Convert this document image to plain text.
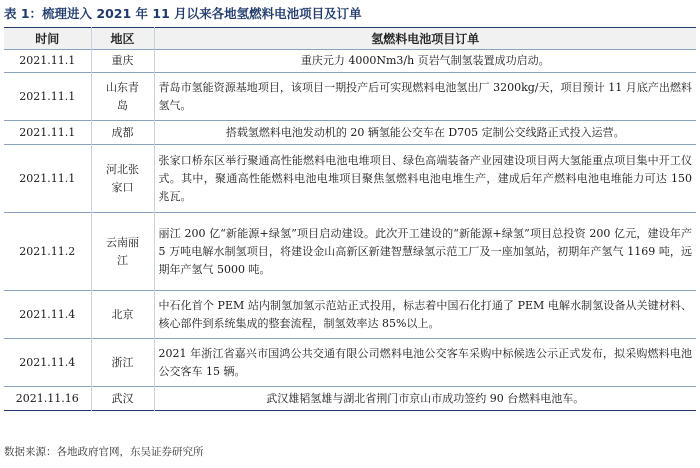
表 1：梳理进入 2021 年 11 月以来各地氢燃料电池项目及订单
时间	地区	氢燃料电池项目订单
2021.11.1	重庆	重庆元力 4000Nm3/h 页岩气制氢装置成功启动。
2021.11.1	山东青岛	青岛市氢能资源基地项目，该项目一期投产后可实现燃料电池氢出厂 3200kg/天，项目预计 11 月底产出燃料氢气。
2021.11.1	成都	搭载氢燃料电池发动机的 20 辆氢能公交车在 D705 定制公交线路正式投入运营。
2021.11.1	河北张家口	张家口桥东区举行聚通高性能燃料电池电堆项目、绿色高端装备产业园建设项目两大氢能重点项目集中开工仪式。其中，聚通高性能燃料电池电堆项目聚焦氢燃料电池电堆生产，建成后年产燃料电池电堆能力可达 150 兆瓦。
2021.11.2	云南丽江	丽江 200 亿“新能源+绿氢”项目启动建设。此次开工建设的“新能源+绿氢”项目总投资 200 亿元，建设年产 5 万吨电解水制氢项目，将建设金山高新区新建智慧绿氢示范工厂及一座加氢站，初期年产氢气 1169 吨，远期年产氢气 5000 吨。
2021.11.4	北京	中石化首个 PEM 站内制氢加氢示范站正式投用，标志着中国石化打通了 PEM 电解水制氢设备从关键材料、核心部件到系统集成的整套流程，制氢效率达 85%以上。
2021.11.4	浙江	2021 年浙江省嘉兴市国鸿公共交通有限公司燃料电池公交客车采购中标候选公示正式发布，拟采购燃料电池公交客车 15 辆。
2021.11.16	武汉	武汉雄韬氢雄与湖北省荆门市京山市成功签约 90 台燃料电池车。
数据来源：各地政府官网，东吴证券研究所
